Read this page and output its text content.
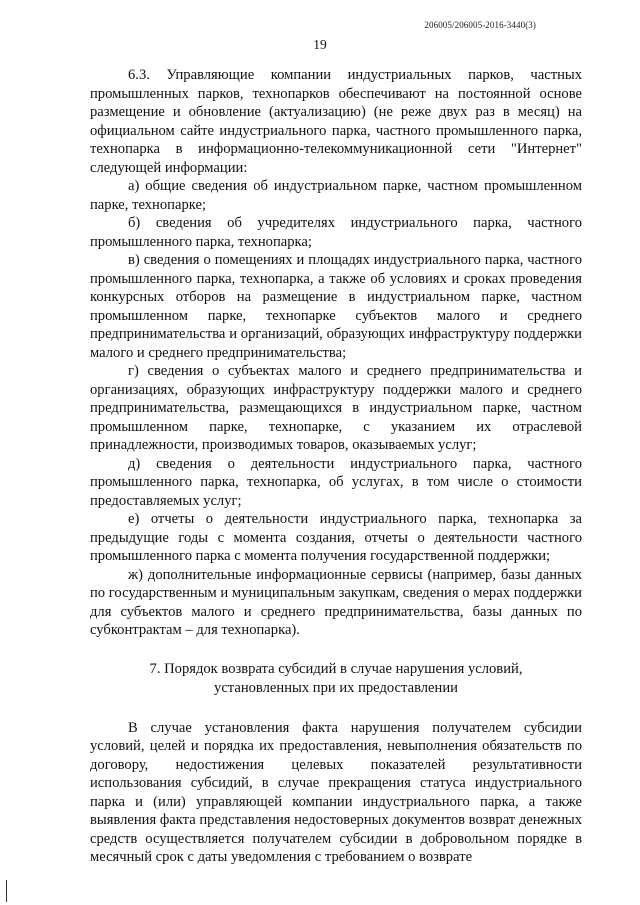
206005/206005-2016-3440(3)
19

6.3. Управляющие компании индустриальных парков, частных промышленных парков, технопарков обеспечивают на постоянной основе размещение и обновление (актуализацию) (не реже двух раз в месяц) на официальном сайте индустриального парка, частного промышленного парка, технопарка в информационно-телекоммуникационной сети "Интернет" следующей информации:

а) общие сведения об индустриальном парке, частном промышленном парке, технопарке;

б) сведения об учредителях индустриального парка, частного промышленного парка, технопарка;

в) сведения о помещениях и площадях индустриального парка, частного промышленного парка, технопарка, а также об условиях и сроках проведения конкурсных отборов на размещение в индустриальном парке, частном промышленном парке, технопарке субъектов малого и среднего предпринимательства и организаций, образующих инфраструктуру поддержки малого и среднего предпринимательства;

г) сведения о субъектах малого и среднего предпринимательства и организациях, образующих инфраструктуру поддержки малого и среднего предпринимательства, размещающихся в индустриальном парке, частном промышленном парке, технопарке, с указанием их отраслевой принадлежности, производимых товаров, оказываемых услуг;

д) сведения о деятельности индустриального парка, частного промышленного парка, технопарка, об услугах, в том числе о стоимости предоставляемых услуг;

е) отчеты о деятельности индустриального парка, технопарка за предыдущие годы с момента создания, отчеты о деятельности частного промышленного парка с момента получения государственной поддержки;

ж) дополнительные информационные сервисы (например, базы данных по государственным и муниципальным закупкам, сведения о мерах поддержки для субъектов малого и среднего предпринимательства, базы данных по субконтрактам – для технопарка).

7. Порядок возврата субсидий в случае нарушения условий,
установленных при их предоставлении

В случае установления факта нарушения получателем субсидии условий, целей и порядка их предоставления, невыполнения обязательств по договору, недостижения целевых показателей результативности использования субсидий, в случае прекращения статуса индустриального парка и (или) управляющей компании индустриального парка, а также выявления факта представления недостоверных документов возврат денежных средств осуществляется получателем субсидии в добровольном порядке в месячный срок с даты уведомления с требованием о возврате
